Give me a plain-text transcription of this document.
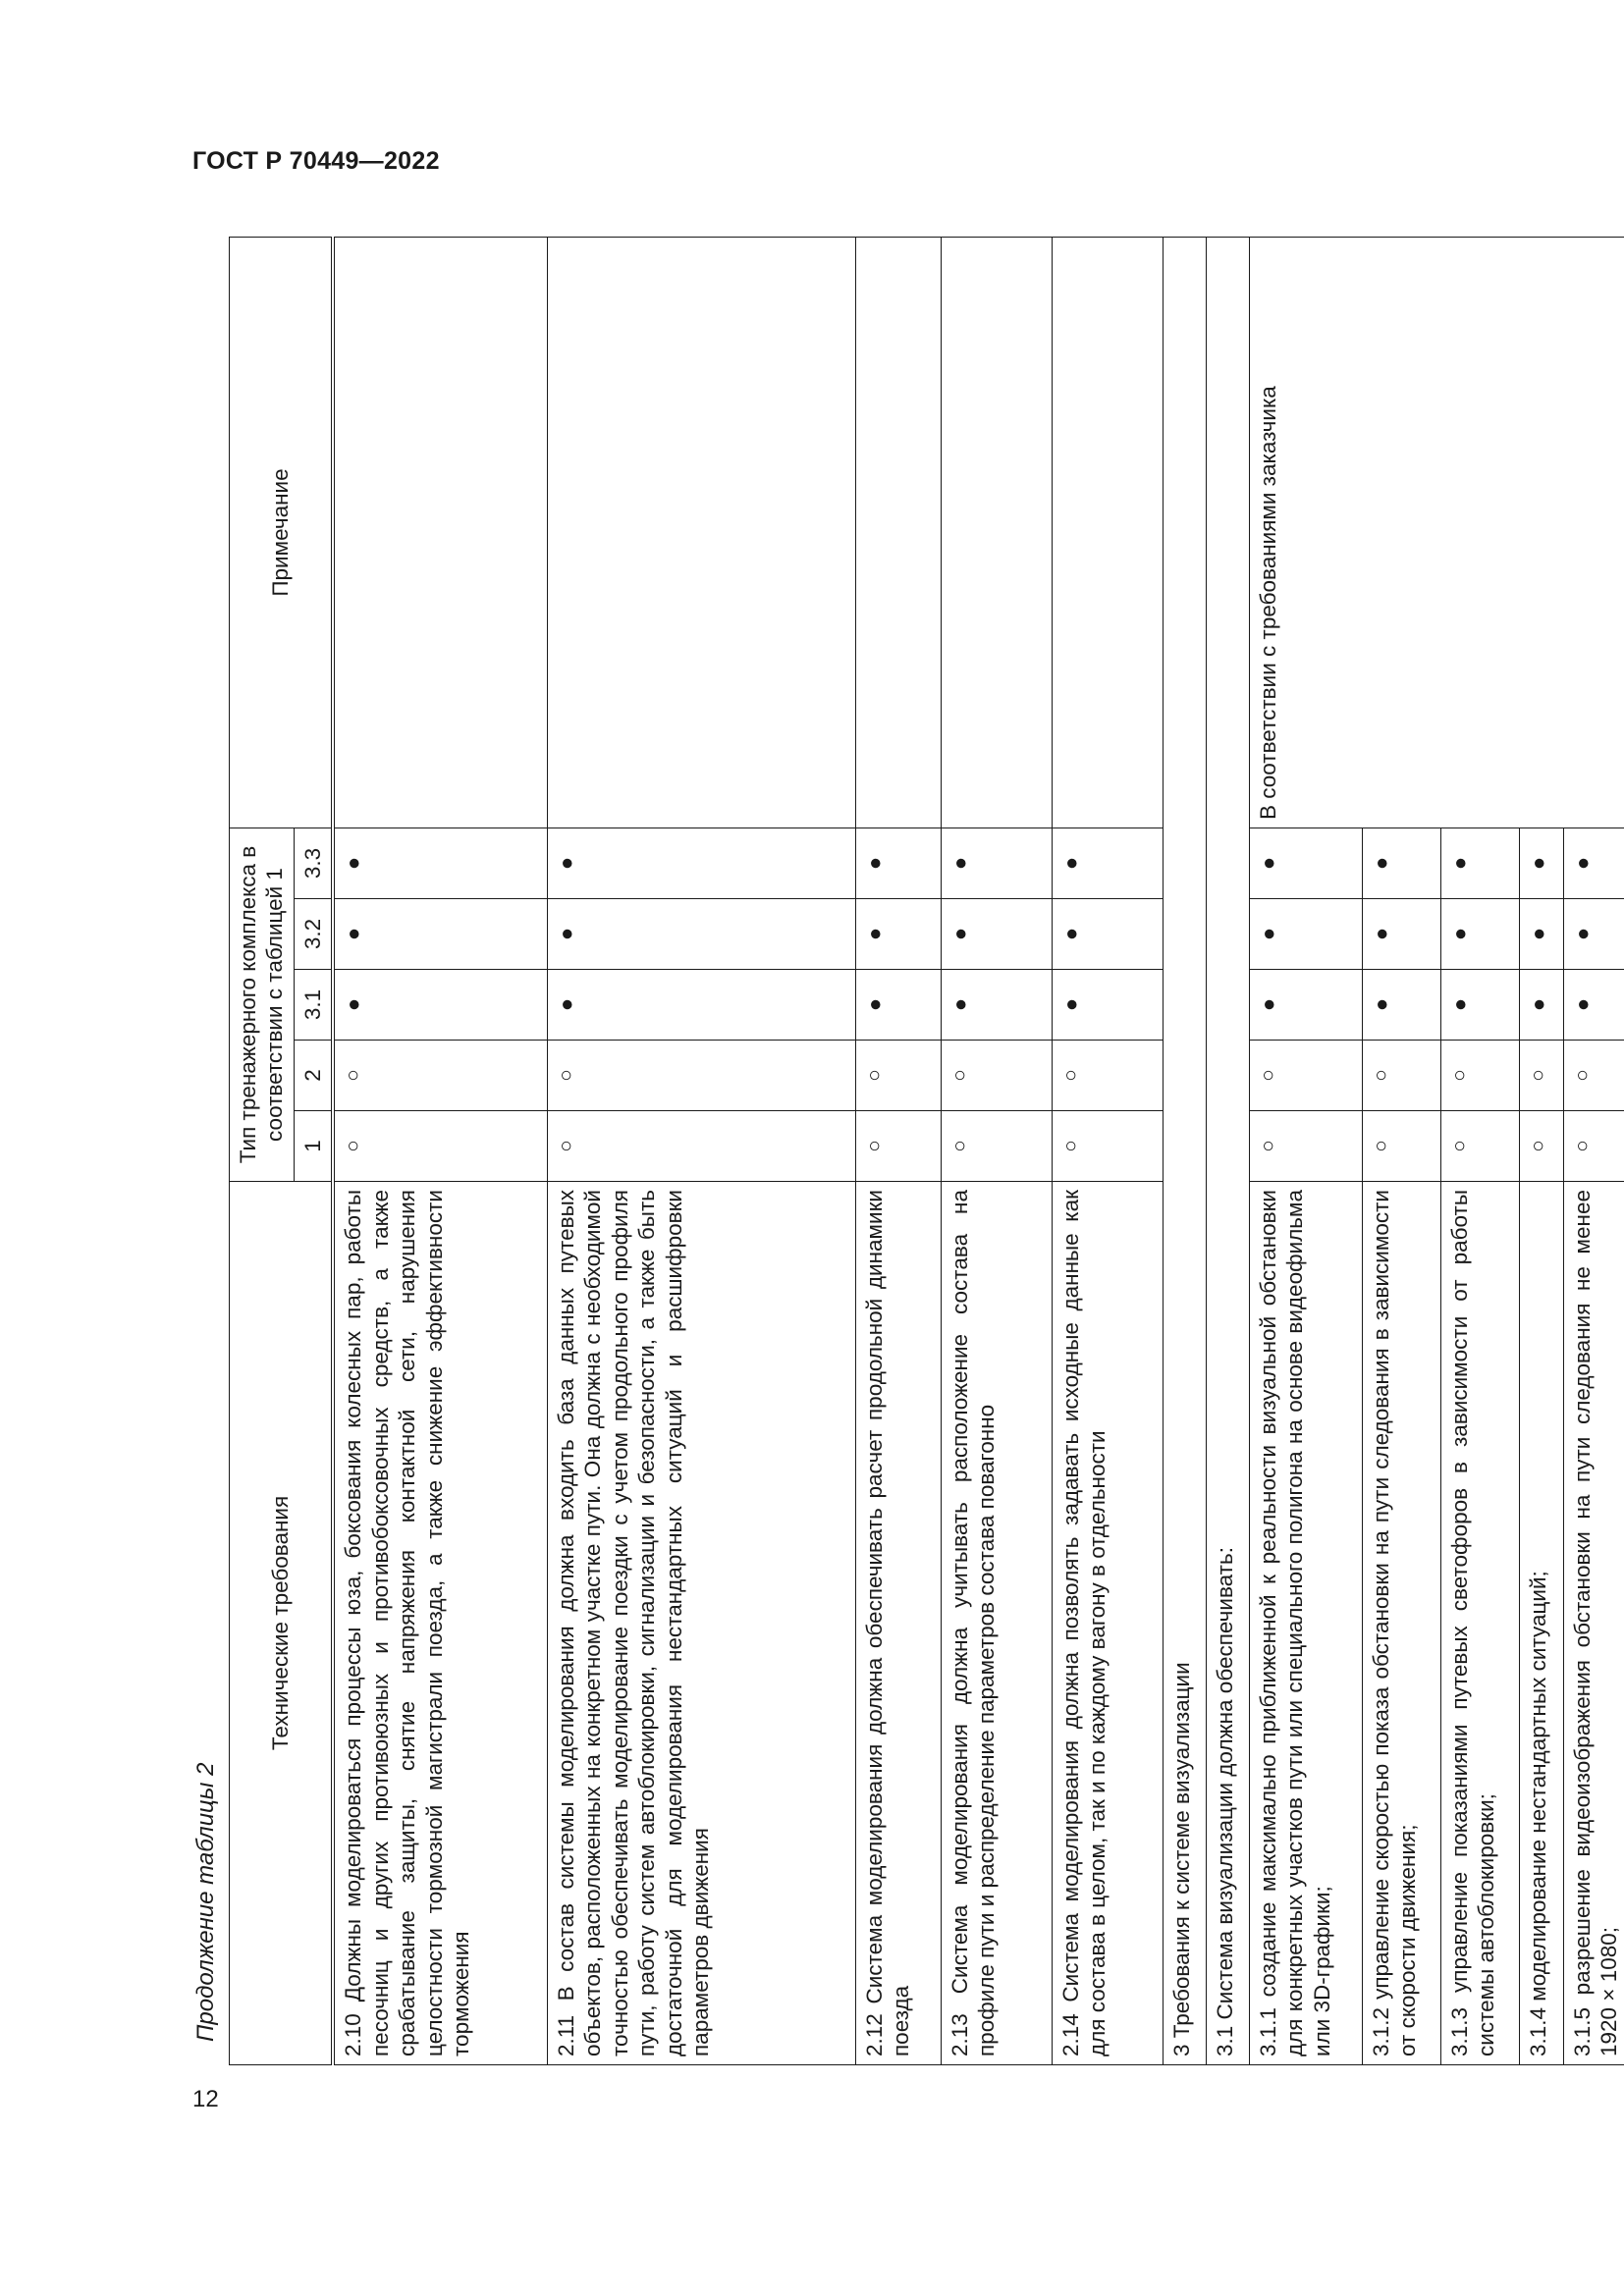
ГОСТ Р 70449—2022
Продолжение таблицы 2
12
Технические требования	Тип тренажерного комплекса в соответствии с таблицей 1					Примечание
	1	2	3.1	3.2	3.3	
2.10 Должны моделироваться процессы юза, боксования колесных пар, работы песочниц и других противоюзных и противобоксовочных средств, а также срабатывание защиты, снятие напряжения контактной сети, нарушения целостности тормозной магистрали поезда, а также снижение эффективности торможения	○	○	●	●	●	
2.11 В состав системы моделирования должна входить база данных путевых объектов, расположенных на конкретном участке пути. Она должна с необходимой точностью обеспечивать моделирование поездки с учетом продольного профиля пути, работу систем автоблокировки, сигнализации и безопасности, а также быть достаточной для моделирования нестандартных ситуаций и расшифровки параметров движения	○	○	●	●	●	
2.12 Система моделирования должна обеспечивать расчет продольной динамики поезда	○	○	●	●	●	
2.13 Система моделирования должна учитывать расположение состава на профиле пути и распределение параметров состава повагонно	○	○	●	●	●	
2.14 Система моделирования должна позволять задавать исходные данные как для состава в целом, так и по каждому вагону в отдельности	○	○	●	●	●	
3 Требования к системе визуализации						
3.1 Система визуализации должна обеспечивать:						
3.1.1 создание максимально приближенной к реальности визуальной обстановки для конкретных участков пути или специального полигона на основе видеофильма или 3D-графики;	○	○	●	●	●	В соответствии с требованиями заказчика
3.1.2 управление скоростью показа обстановки на пути следования в зависимости от скорости движения;	○	○	●	●	●	
3.1.3 управление показаниями путевых светофоров в зависимости от работы системы автоблокировки;	○	○	●	●	●	
3.1.4 моделирование нестандартных ситуаций;	○	○	●	●	●	
3.1.5 разрешение видеоизображения обстановки на пути следования не менее 1920 × 1080;	○	○	●	●	●	
